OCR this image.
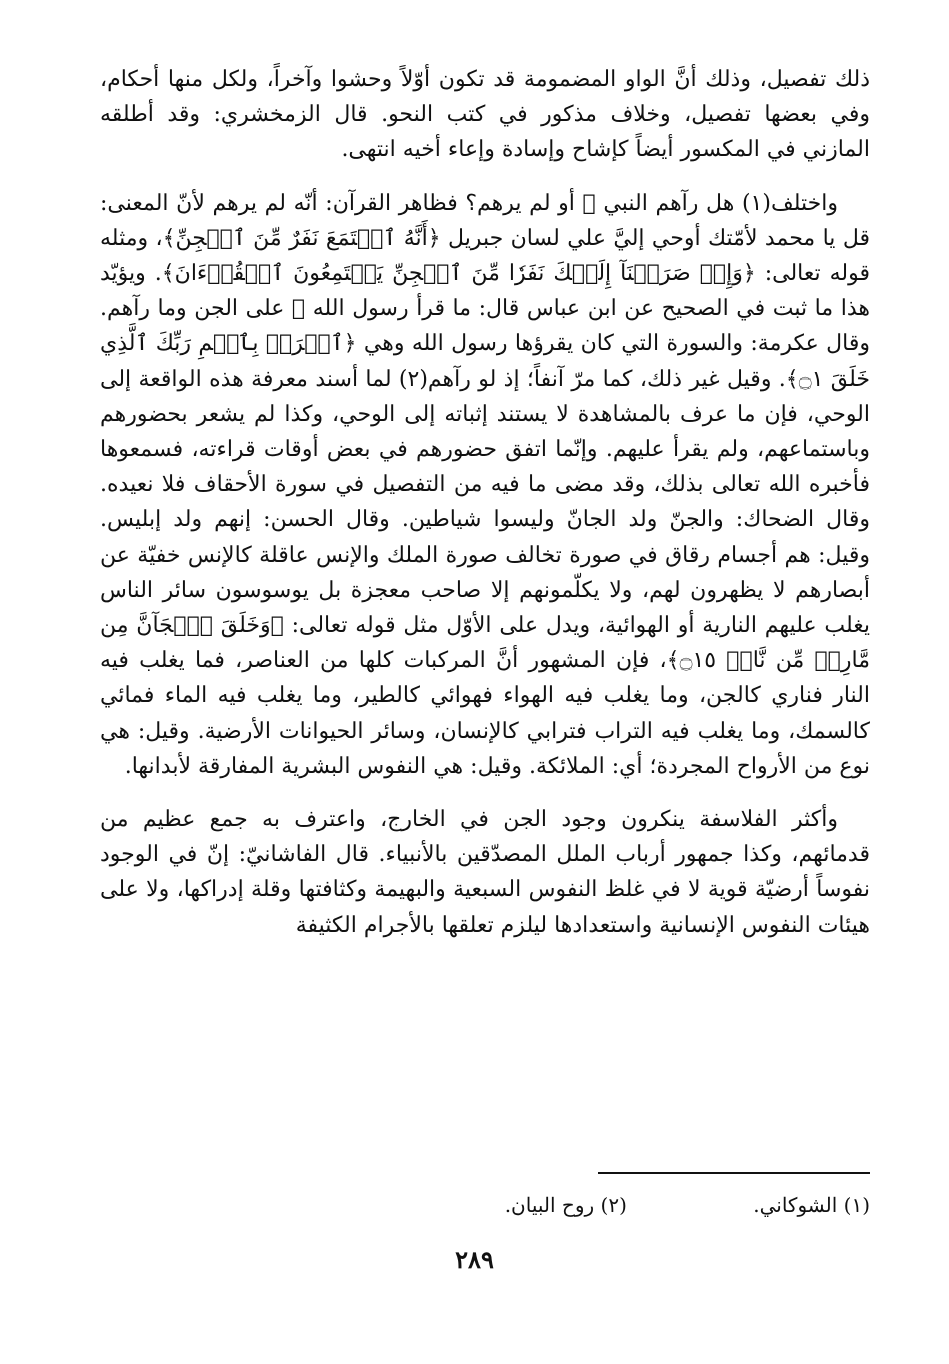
ذلك تفصيل، وذلك أنَّ الواو المضمومة قد تكون أوّلاً وحشوا وآخراً، ولكل منها أحكام، وفي بعضها تفصيل، وخلاف مذكور في كتب النحو. قال الزمخشري: وقد أطلقه المازني في المكسور أيضاً كإشاح وإسادة وإعاء أخيه انتهى.

واختلف(١) هل رآهم النبي ﷺ أو لم يرهم؟ فظاهر القرآن: أنّه لم يرهم لأنّ المعنى: قل يا محمد لأمّتك أوحي إليَّ علي لسان جبريل ﴿أَنَّهُ ٱسۡتَمَعَ نَفَرٌ مِّنَ ٱلۡجِنِّ﴾، ومثله قوله تعالى: ﴿وَإِذۡ صَرَفۡنَآ إِلَيۡكَ نَفَرٗا مِّنَ ٱلۡجِنِّ يَسۡتَمِعُونَ ٱلۡقُرۡءَانَ﴾. ويؤيّد هذا ما ثبت في الصحيح عن ابن عباس قال: ما قرأ رسول الله ﷺ على الجن وما رآهم. وقال عكرمة: والسورة التي كان يقرؤها رسول الله وهي ﴿ٱقۡرَأۡ بِٱسۡمِ رَبِّكَ ٱلَّذِي خَلَقَ ۝١﴾. وقيل غير ذلك، كما مرّ آنفاً؛ إذ لو رآهم(٢) لما أسند معرفة هذه الواقعة إلى الوحي، فإن ما عرف بالمشاهدة لا يستند إثباته إلى الوحي، وكذا لم يشعر بحضورهم وباستماعهم، ولم يقرأ عليهم. وإنّما اتفق حضورهم في بعض أوقات قراءته، فسمعوها فأخبره الله تعالى بذلك، وقد مضى ما فيه من التفصيل في سورة الأحقاف فلا نعيده. وقال الضحاك: والجنّ ولد الجانّ وليسوا شياطين. وقال الحسن: إنهم ولد إبليس. وقيل: هم أجسام رقاق في صورة تخالف صورة الملك والإنس عاقلة كالإنس خفيّة عن أبصارهم لا يظهرون لهم، ولا يكلّمونهم إلا صاحب معجزة بل يوسوسون سائر الناس يغلب عليهم النارية أو الهوائية، ويدل على الأوّل مثل قوله تعالى: ﴿وَخَلَقَ ٱلۡجَآنَّ مِن مَّارِجٖ مِّن نَّارٖ ۝١٥﴾، فإن المشهور أنَّ المركبات كلها من العناصر، فما يغلب فيه النار فناري كالجن، وما يغلب فيه الهواء فهوائي كالطير، وما يغلب فيه الماء فمائي كالسمك، وما يغلب فيه التراب فترابي كالإنسان، وسائر الحيوانات الأرضية. وقيل: هي نوع من الأرواح المجردة؛ أي: الملائكة. وقيل: هي النفوس البشرية المفارقة لأبدانها.

وأكثر الفلاسفة ينكرون وجود الجن في الخارج، واعترف به جمع عظيم من قدمائهم، وكذا جمهور أرباب الملل المصدّقين بالأنبياء. قال الفاشانيّ: إنّ في الوجود نفوساً أرضيّة قوية لا في غلظ النفوس السبعية والبهيمة وكثافتها وقلة إدراكها، ولا على هيئات النفوس الإنسانية واستعدادها ليلزم تعلقها بالأجرام الكثيفة

(١) الشوكاني. (٢) روح البيان.
٢٨٩
